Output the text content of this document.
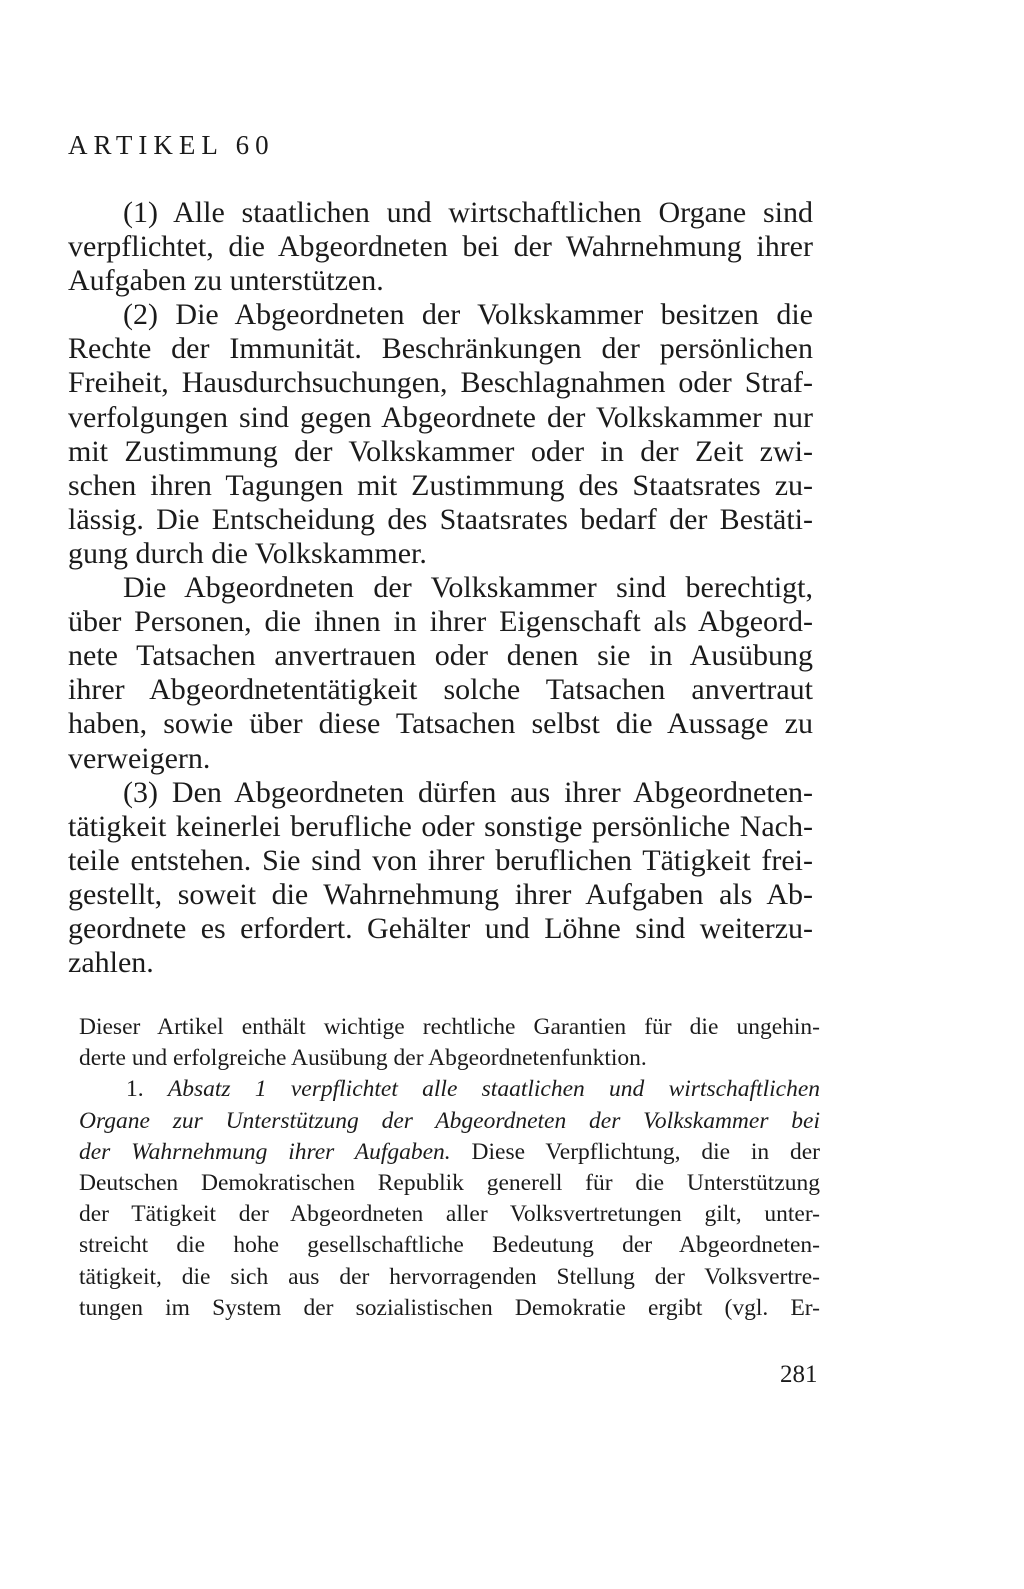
ARTIKEL 60
(1) Alle staatlichen und wirtschaftlichen Organe sind
verpflichtet, die Abgeordneten bei der Wahrnehmung ihrer
Aufgaben zu unterstützen.
(2) Die Abgeordneten der Volkskammer besitzen die
Rechte der Immunität. Beschränkungen der persönlichen
Freiheit, Hausdurchsuchungen, Beschlagnahmen oder Straf-
verfolgungen sind gegen Abgeordnete der Volkskammer nur
mit Zustimmung der Volkskammer oder in der Zeit zwi-
schen ihren Tagungen mit Zustimmung des Staatsrates zu-
lässig. Die Entscheidung des Staatsrates bedarf der Bestäti-
gung durch die Volkskammer.
Die Abgeordneten der Volkskammer sind berechtigt,
über Personen, die ihnen in ihrer Eigenschaft als Abgeord-
nete Tatsachen anvertrauen oder denen sie in Ausübung
ihrer Abgeordnetentätigkeit solche Tatsachen anvertraut
haben, sowie über diese Tatsachen selbst die Aussage zu
verweigern.
(3) Den Abgeordneten dürfen aus ihrer Abgeordneten-
tätigkeit keinerlei berufliche oder sonstige persönliche Nach-
teile entstehen. Sie sind von ihrer beruflichen Tätigkeit frei-
gestellt, soweit die Wahrnehmung ihrer Aufgaben als Ab-
geordnete es erfordert. Gehälter und Löhne sind weiterzu-
zahlen.
Dieser Artikel enthält wichtige rechtliche Garantien für die ungehin-
derte und erfolgreiche Ausübung der Abgeordnetenfunktion.
1. Absatz 1 verpflichtet alle staatlichen und wirtschaftlichen
Organe zur Unterstützung der Abgeordneten der Volkskammer bei
der Wahrnehmung ihrer Aufgaben. Diese Verpflichtung, die in der
Deutschen Demokratischen Republik generell für die Unterstützung
der Tätigkeit der Abgeordneten aller Volksvertretungen gilt, unter-
streicht die hohe gesellschaftliche Bedeutung der Abgeordneten-
tätigkeit, die sich aus der hervorragenden Stellung der Volksvertre-
tungen im System der sozialistischen Demokratie ergibt (vgl. Er-
281
